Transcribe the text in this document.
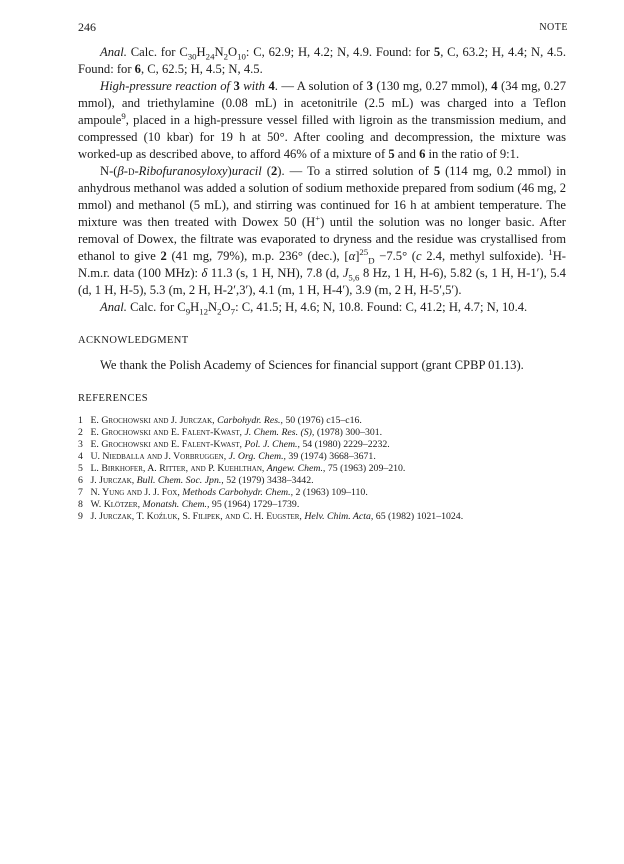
246	NOTE

Anal. Calc. for $C_{30}H_{24}N_2O_{10}$: C, 62.9; H, 4.2; N, 4.9. Found: for 5, C, 63.2; H, 4.4; N, 4.5. Found: for 6, C, 62.5; H, 4.5; N, 4.5.

High-pressure reaction of 3 with 4. — A solution of 3 (130 mg, 0.27 mmol), 4 (34 mg, 0.27 mmol), and triethylamine (0.08 mL) in acetonitrile (2.5 mL) was charged into a Teflon ampoule$^9$, placed in a high-pressure vessel filled with ligroin as the transmission medium, and compressed (10 kbar) for 19 h at 50°. After cooling and decompression, the mixture was worked-up as described above, to afford 46% of a mixture of 5 and 6 in the ratio of 9:1.

N-(β-d-Ribofuranosyloxy)uracil (2). — To a stirred solution of 5 (114 mg, 0.2 mmol) in anhydrous methanol was added a solution of sodium methoxide prepared from sodium (46 mg, 2 mmol) and methanol (5 mL), and stirring was continued for 16 h at ambient temperature. The mixture was then treated with Dowex 50 (H+) until the solution was no longer basic. After removal of Dowex, the filtrate was evaporated to dryness and the residue was crystallised from ethanol to give 2 (41 mg, 79%), m.p. 236° (dec.), $[\alpha]^{25}_D -7.5^\circ$ (c 2.4, methyl sulfoxide). $^1$H-N.m.r. data (100 MHz): δ 11.3 (s, 1 H, NH), 7.8 (d, $J_{5,6}$ 8 Hz, 1 H, H-6), 5.82 (s, 1 H, H-1′), 5.4 (d, 1 H, H-5), 5.3 (m, 2 H, H-2′,3′), 4.1 (m, 1 H, H-4′), 3.9 (m, 2 H, H-5′,5′).

Anal. Calc. for $C_9H_{12}N_2O_7$: C, 41.5; H, 4.6; N, 10.8. Found: C, 41.2; H, 4.7; N, 10.4.

ACKNOWLEDGMENT

We thank the Polish Academy of Sciences for financial support (grant CPBP 01.13).

REFERENCES
1 E. Grochowski and J. Jurczak, Carbohydr. Res., 50 (1976) c15–c16.
2 E. Grochowski and E. Falent-Kwast, J. Chem. Res. (S), (1978) 300–301.
3 E. Grochowski and E. Falent-Kwast, Pol. J. Chem., 54 (1980) 2229–2232.
4 U. Niedballa and J. Vorbruggen, J. Org. Chem., 39 (1974) 3668–3671.
5 L. Birkhofer, A. Ritter, and P. Kuehlthan, Angew. Chem., 75 (1963) 209–210.
6 J. Jurczak, Bull. Chem. Soc. Jpn., 52 (1979) 3438–3442.
7 N. Yung and J. J. Fox, Methods Carbohydr. Chem., 2 (1963) 109–110.
8 W. Klötzer, Monatsh. Chem., 95 (1964) 1729–1739.
9 J. Jurczak, T. Koźluk, S. Filipek, and C. H. Eugster, Helv. Chim. Acta, 65 (1982) 1021–1024.
